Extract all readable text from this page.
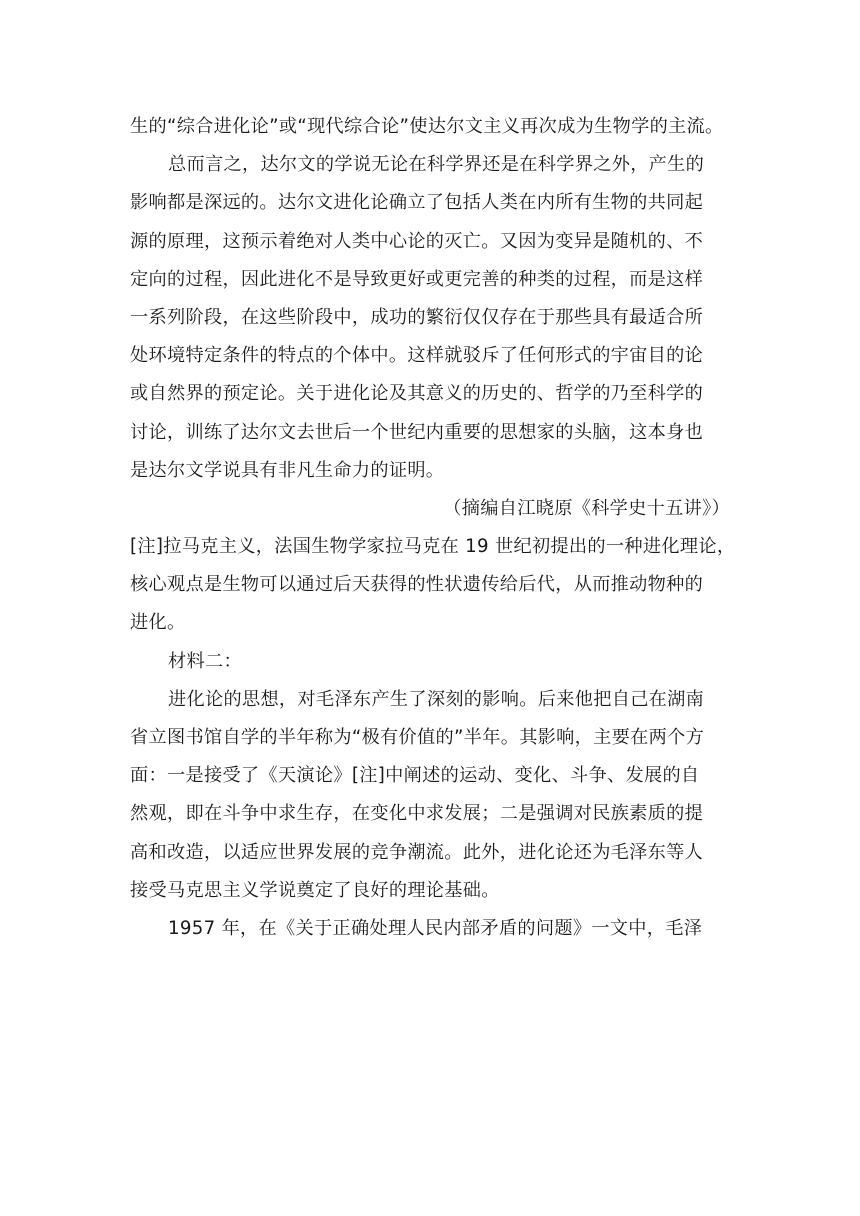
生的“综合进化论”或“现代综合论”使达尔文主义再次成为生物学的主流。
总而言之，达尔文的学说无论在科学界还是在科学界之外，产生的
影响都是深远的。达尔文进化论确立了包括人类在内所有生物的共同起
源的原理，这预示着绝对人类中心论的灭亡。又因为变异是随机的、不
定向的过程，因此进化不是导致更好或更完善的种类的过程，而是这样
一系列阶段，在这些阶段中，成功的繁衍仅仅存在于那些具有最适合所
处环境特定条件的特点的个体中。这样就驳斥了任何形式的宇宙目的论
或自然界的预定论。关于进化论及其意义的历史的、哲学的乃至科学的
讨论，训练了达尔文去世后一个世纪内重要的思想家的头脑，这本身也
是达尔文学说具有非凡生命力的证明。
（摘编自江晓原《科学史十五讲》）
[注]拉马克主义，法国生物学家拉马克在 19 世纪初提出的一种进化理论，
核心观点是生物可以通过后天获得的性状遗传给后代，从而推动物种的
进化。
材料二：
进化论的思想，对毛泽东产生了深刻的影响。后来他把自己在湖南
省立图书馆自学的半年称为“极有价值的”半年。其影响，主要在两个方
面：一是接受了《天演论》[注]中阐述的运动、变化、斗争、发展的自
然观，即在斗争中求生存，在变化中求发展；二是强调对民族素质的提
高和改造，以适应世界发展的竞争潮流。此外，进化论还为毛泽东等人
接受马克思主义学说奠定了良好的理论基础。
1957 年，在《关于正确处理人民内部矛盾的问题》一文中，毛泽
